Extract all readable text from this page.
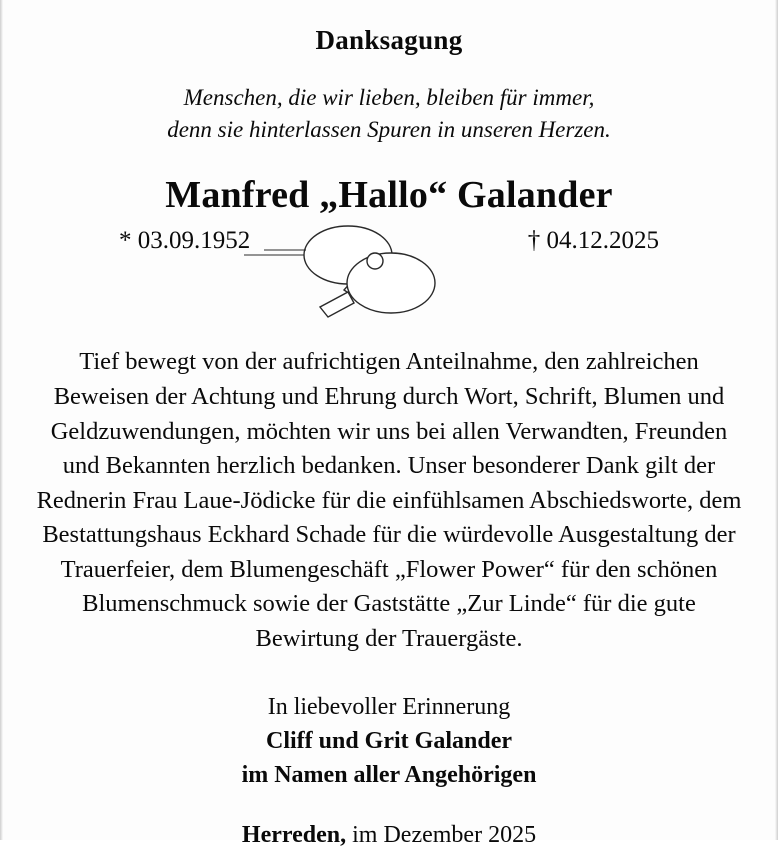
Danksagung
Menschen, die wir lieben, bleiben für immer,
denn sie hinterlassen Spuren in unseren Herzen.
Manfred „Hallo“ Galander
* 03.09.1952	† 04.12.2025
Tief bewegt von der aufrichtigen Anteilnahme, den zahlreichen Beweisen der Achtung und Ehrung durch Wort, Schrift, Blumen und Geldzuwendungen, möchten wir uns bei allen Verwandten, Freunden und Bekannten herzlich bedanken. Unser besonderer Dank gilt der Rednerin Frau Laue-Jödicke für die einfühlsamen Abschiedsworte, dem Bestattungshaus Eckhard Schade für die würdevolle Ausgestaltung der Trauerfeier, dem Blumengeschäft „Flower Power“ für den schönen Blumenschmuck sowie der Gaststätte „Zur Linde“ für die gute Bewirtung der Trauergäste.
In liebevoller Erinnerung
Cliff und Grit Galander
im Namen aller Angehörigen
Herreden, im Dezember 2025
